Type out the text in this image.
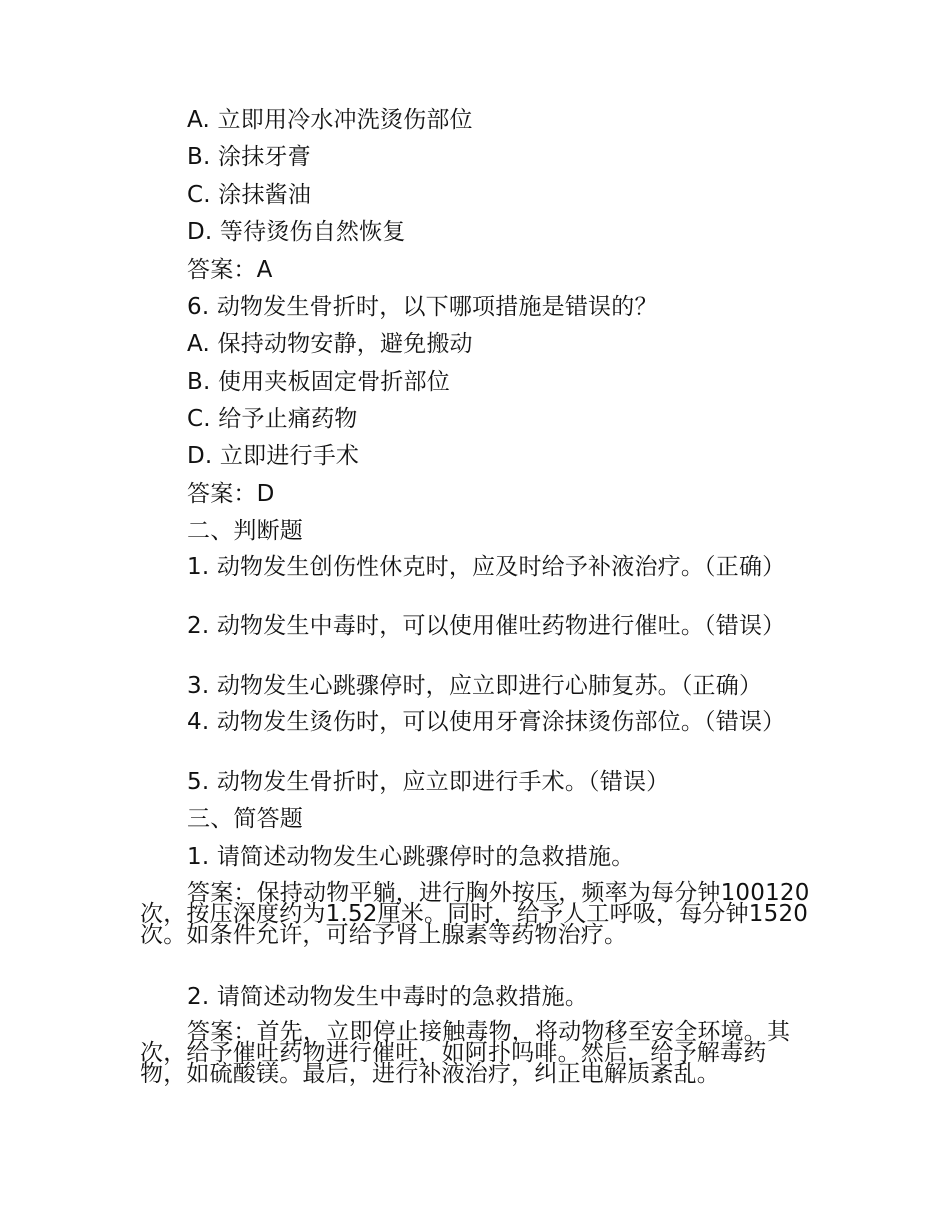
A. 立即用冷水冲洗烫伤部位
B. 涂抹牙膏
C. 涂抹酱油
D. 等待烫伤自然恢复
答案：A
6. 动物发生骨折时，以下哪项措施是错误的？
A. 保持动物安静，避免搬动
B. 使用夹板固定骨折部位
C. 给予止痛药物
D. 立即进行手术
答案：D
二、判断题
1. 动物发生创伤性休克时，应及时给予补液治疗。（正确）
2. 动物发生中毒时，可以使用催吐药物进行催吐。（错误）
3. 动物发生心跳骤停时，应立即进行心肺复苏。（正确）
4. 动物发生烫伤时，可以使用牙膏涂抹烫伤部位。（错误）
5. 动物发生骨折时，应立即进行手术。（错误）
三、简答题
1. 请简述动物发生心跳骤停时的急救措施。
答案：保持动物平躺，进行胸外按压，频率为每分钟100120次，按压深度约为1.52厘米。同时，给予人工呼吸，每分钟1520次。如条件允许，可给予肾上腺素等药物治疗。
2. 请简述动物发生中毒时的急救措施。
答案：首先，立即停止接触毒物，将动物移至安全环境。其次，给予催吐药物进行催吐，如阿扑吗啡。然后，给予解毒药物，如硫酸镁。最后，进行补液治疗，纠正电解质紊乱。
